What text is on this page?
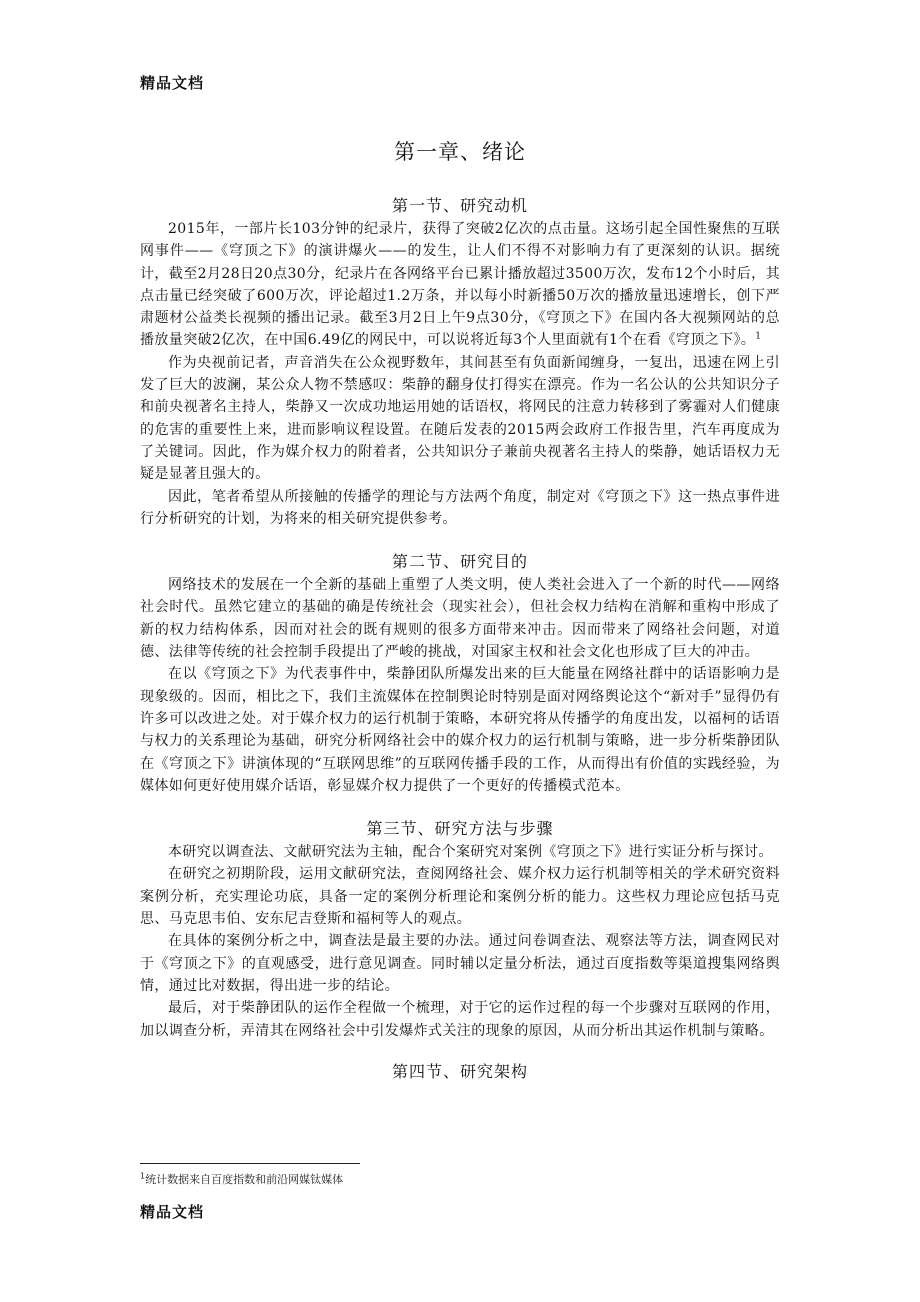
精品文档
第一章、绪论
第一节、研究动机

2015年，一部片长103分钟的纪录片，获得了突破2亿次的点击量。这场引起全国性聚焦的互联网事件——《穹顶之下》的演讲爆火——的发生，让人们不得不对影响力有了更深刻的认识。据统计，截至2月28日20点30分，纪录片在各网络平台已累计播放超过3500万次，发布12个小时后，其点击量已经突破了600万次，评论超过1.2万条，并以每小时新播50万次的播放量迅速增长，创下严肃题材公益类长视频的播出记录。截至3月2日上午9点30分，《穹顶之下》在国内各大视频网站的总播放量突破2亿次，在中国6.49亿的网民中，可以说将近每3个人里面就有1个在看《穹顶之下》。$^1$

作为央视前记者，声音消失在公众视野数年，其间甚至有负面新闻缠身，一复出，迅速在网上引发了巨大的波澜，某公众人物不禁感叹：柴静的翻身仗打得实在漂亮。作为一名公认的公共知识分子和前央视著名主持人，柴静又一次成功地运用她的话语权，将网民的注意力转移到了雾霾对人们健康的危害的重要性上来，进而影响议程设置。在随后发表的2015两会政府工作报告里，汽车再度成为了关键词。因此，作为媒介权力的附着者，公共知识分子兼前央视著名主持人的柴静，她话语权力无疑是显著且强大的。

因此，笔者希望从所接触的传播学的理论与方法两个角度，制定对《穹顶之下》这一热点事件进行分析研究的计划，为将来的相关研究提供参考。

第二节、研究目的

网络技术的发展在一个全新的基础上重塑了人类文明，使人类社会进入了一个新的时代——网络社会时代。虽然它建立的基础的确是传统社会（现实社会），但社会权力结构在消解和重构中形成了新的权力结构体系，因而对社会的既有规则的很多方面带来冲击。因而带来了网络社会问题，对道德、法律等传统的社会控制手段提出了严峻的挑战，对国家主权和社会文化也形成了巨大的冲击。

在以《穹顶之下》为代表事件中，柴静团队所爆发出来的巨大能量在网络社群中的话语影响力是现象级的。因而，相比之下，我们主流媒体在控制舆论时特别是面对网络舆论这个“新对手”显得仍有许多可以改进之处。对于媒介权力的运行机制于策略，本研究将从传播学的角度出发，以福柯的话语与权力的关系理论为基础，研究分析网络社会中的媒介权力的运行机制与策略，进一步分析柴静团队在《穹顶之下》讲演体现的“互联网思维”的互联网传播手段的工作，从而得出有价值的实践经验，为媒体如何更好使用媒介话语，彰显媒介权力提供了一个更好的传播模式范本。

第三节、研究方法与步骤

本研究以调查法、文献研究法为主轴，配合个案研究对案例《穹顶之下》进行实证分析与探讨。

在研究之初期阶段，运用文献研究法，查阅网络社会、媒介权力运行机制等相关的学术研究资料案例分析，充实理论功底，具备一定的案例分析理论和案例分析的能力。这些权力理论应包括马克思、马克思韦伯、安东尼吉登斯和福柯等人的观点。

在具体的案例分析之中，调查法是最主要的办法。通过问卷调查法、观察法等方法，调查网民对于《穹顶之下》的直观感受，进行意见调查。同时辅以定量分析法，通过百度指数等渠道搜集网络舆情，通过比对数据，得出进一步的结论。

最后，对于柴静团队的运作全程做一个梳理，对于它的运作过程的每一个步骤对互联网的作用，加以调查分析，弄清其在网络社会中引发爆炸式关注的现象的原因，从而分析出其运作机制与策略。

第四节、研究架构
$^1$统计数据来自百度指数和前沿网媒钛媒体
精品文档
